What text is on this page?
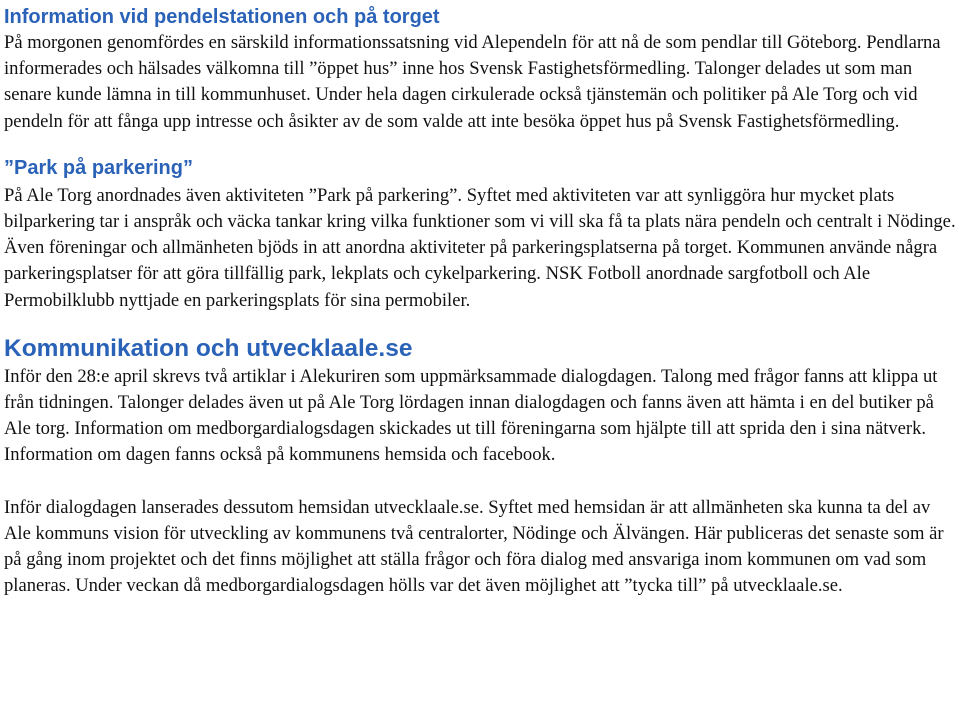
Information vid pendelstationen och på torget

På morgonen genomfördes en särskild informationssatsning vid Alependeln för att nå de som pendlar till Göteborg. Pendlarna informerades och hälsades välkomna till ”öppet hus” inne hos Svensk Fastighetsförmedling. Talonger delades ut som man senare kunde lämna in till kommunhuset. Under hela dagen cirkulerade också tjänstemän och politiker på Ale Torg och vid pendeln för att fånga upp intresse och åsikter av de som valde att inte besöka öppet hus på Svensk Fastighetsförmedling.

”Park på parkering”

På Ale Torg anordnades även aktiviteten ”Park på parkering”. Syftet med aktiviteten var att synliggöra hur mycket plats bilparkering tar i anspråk och väcka tankar kring vilka funktioner som vi vill ska få ta plats nära pendeln och centralt i Nödinge. Även föreningar och allmänheten bjöds in att anordna aktiviteter på parkeringsplatserna på torget. Kommunen använde några parkeringsplatser för att göra tillfällig park, lekplats och cykelparkering. NSK Fotboll anordnade sargfotboll och Ale Permobilklubb nyttjade en parkeringsplats för sina permobiler.

Kommunikation och utvecklaale.se

Inför den 28:e april skrevs två artiklar i Alekuriren som uppmärksammade dialogdagen. Talong med frågor fanns att klippa ut från tidningen. Talonger delades även ut på Ale Torg lördagen innan dialogdagen och fanns även att hämta i en del butiker på Ale torg. Information om medborgardialogsdagen skickades ut till föreningarna som hjälpte till att sprida den i sina nätverk. Information om dagen fanns också på kommunens hemsida och facebook.

Inför dialogdagen lanserades dessutom hemsidan utvecklaale.se. Syftet med hemsidan är att allmänheten ska kunna ta del av Ale kommuns vision för utveckling av kommunens två centralorter, Nödinge och Älvängen. Här publiceras det senaste som är på gång inom projektet och det finns möjlighet att ställa frågor och föra dialog med ansvariga inom kommunen om vad som planeras. Under veckan då medborgardialogsdagen hölls var det även möjlighet att ”tycka till” på utvecklaale.se.
